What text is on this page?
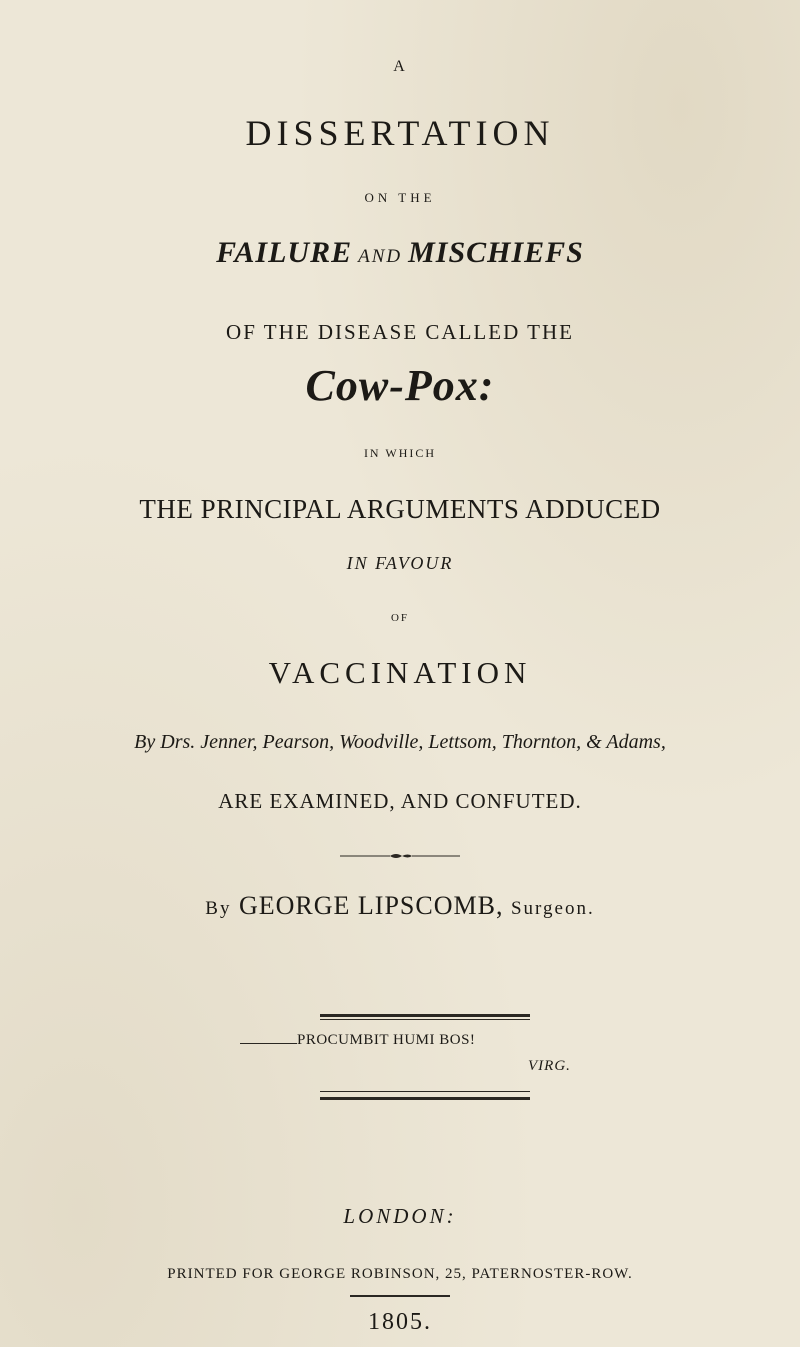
A
DISSERTATION
ON THE
FAILURE AND MISCHIEFS
OF THE DISEASE CALLED THE
Cow-Pox:
IN WHICH
THE PRINCIPAL ARGUMENTS ADDUCED
IN FAVOUR
OF
VACCINATION
By Drs. Jenner, Pearson, Woodville, Lettsom, Thornton, & Adams,
ARE EXAMINED, AND CONFUTED.
By GEORGE LIPSCOMB, Surgeon.
PROCUMBIT HUMI BOS!
VIRG.
LONDON:
PRINTED FOR GEORGE ROBINSON, 25, PATERNOSTER-ROW.
1805.
